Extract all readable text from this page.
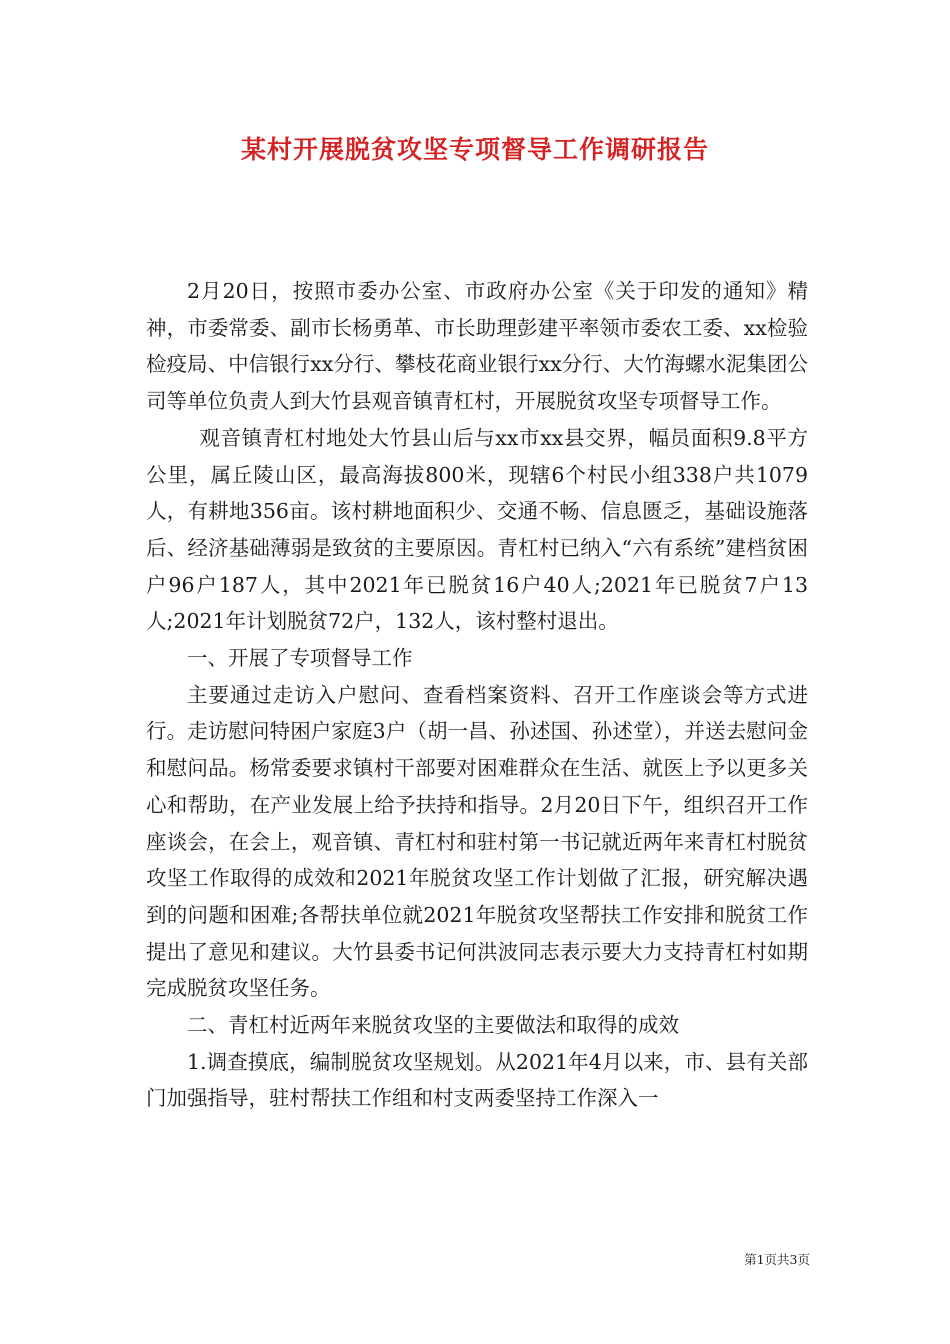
某村开展脱贫攻坚专项督导工作调研报告

2月20日，按照市委办公室、市政府办公室《关于印发的通知》精神，市委常委、副市长杨勇革、市长助理彭建平率领市委农工委、xx检验检疫局、中信银行xx分行、攀枝花商业银行xx分行、大竹海螺水泥集团公司等单位负责人到大竹县观音镇青杠村，开展脱贫攻坚专项督导工作。

观音镇青杠村地处大竹县山后与xx市xx县交界，幅员面积9.8平方公里，属丘陵山区，最高海拔800米，现辖6个村民小组338户共1079人，有耕地356亩。该村耕地面积少、交通不畅、信息匮乏，基础设施落后、经济基础薄弱是致贫的主要原因。青杠村已纳入“六有系统”建档贫困户96户187人，其中2021年已脱贫16户40人;2021年已脱贫7户13人;2021年计划脱贫72户，132人，该村整村退出。

一、开展了专项督导工作

主要通过走访入户慰问、查看档案资料、召开工作座谈会等方式进行。走访慰问特困户家庭3户（胡一昌、孙述国、孙述堂），并送去慰问金和慰问品。杨常委要求镇村干部要对困难群众在生活、就医上予以更多关心和帮助，在产业发展上给予扶持和指导。2月20日下午，组织召开工作座谈会，在会上，观音镇、青杠村和驻村第一书记就近两年来青杠村脱贫攻坚工作取得的成效和2021年脱贫攻坚工作计划做了汇报，研究解决遇到的问题和困难;各帮扶单位就2021年脱贫攻坚帮扶工作安排和脱贫工作提出了意见和建议。大竹县委书记何洪波同志表示要大力支持青杠村如期完成脱贫攻坚任务。

二、青杠村近两年来脱贫攻坚的主要做法和取得的成效

1.调查摸底，编制脱贫攻坚规划。从2021年4月以来，市、县有关部门加强指导，驻村帮扶工作组和村支两委坚持工作深入一

第1页共3页
